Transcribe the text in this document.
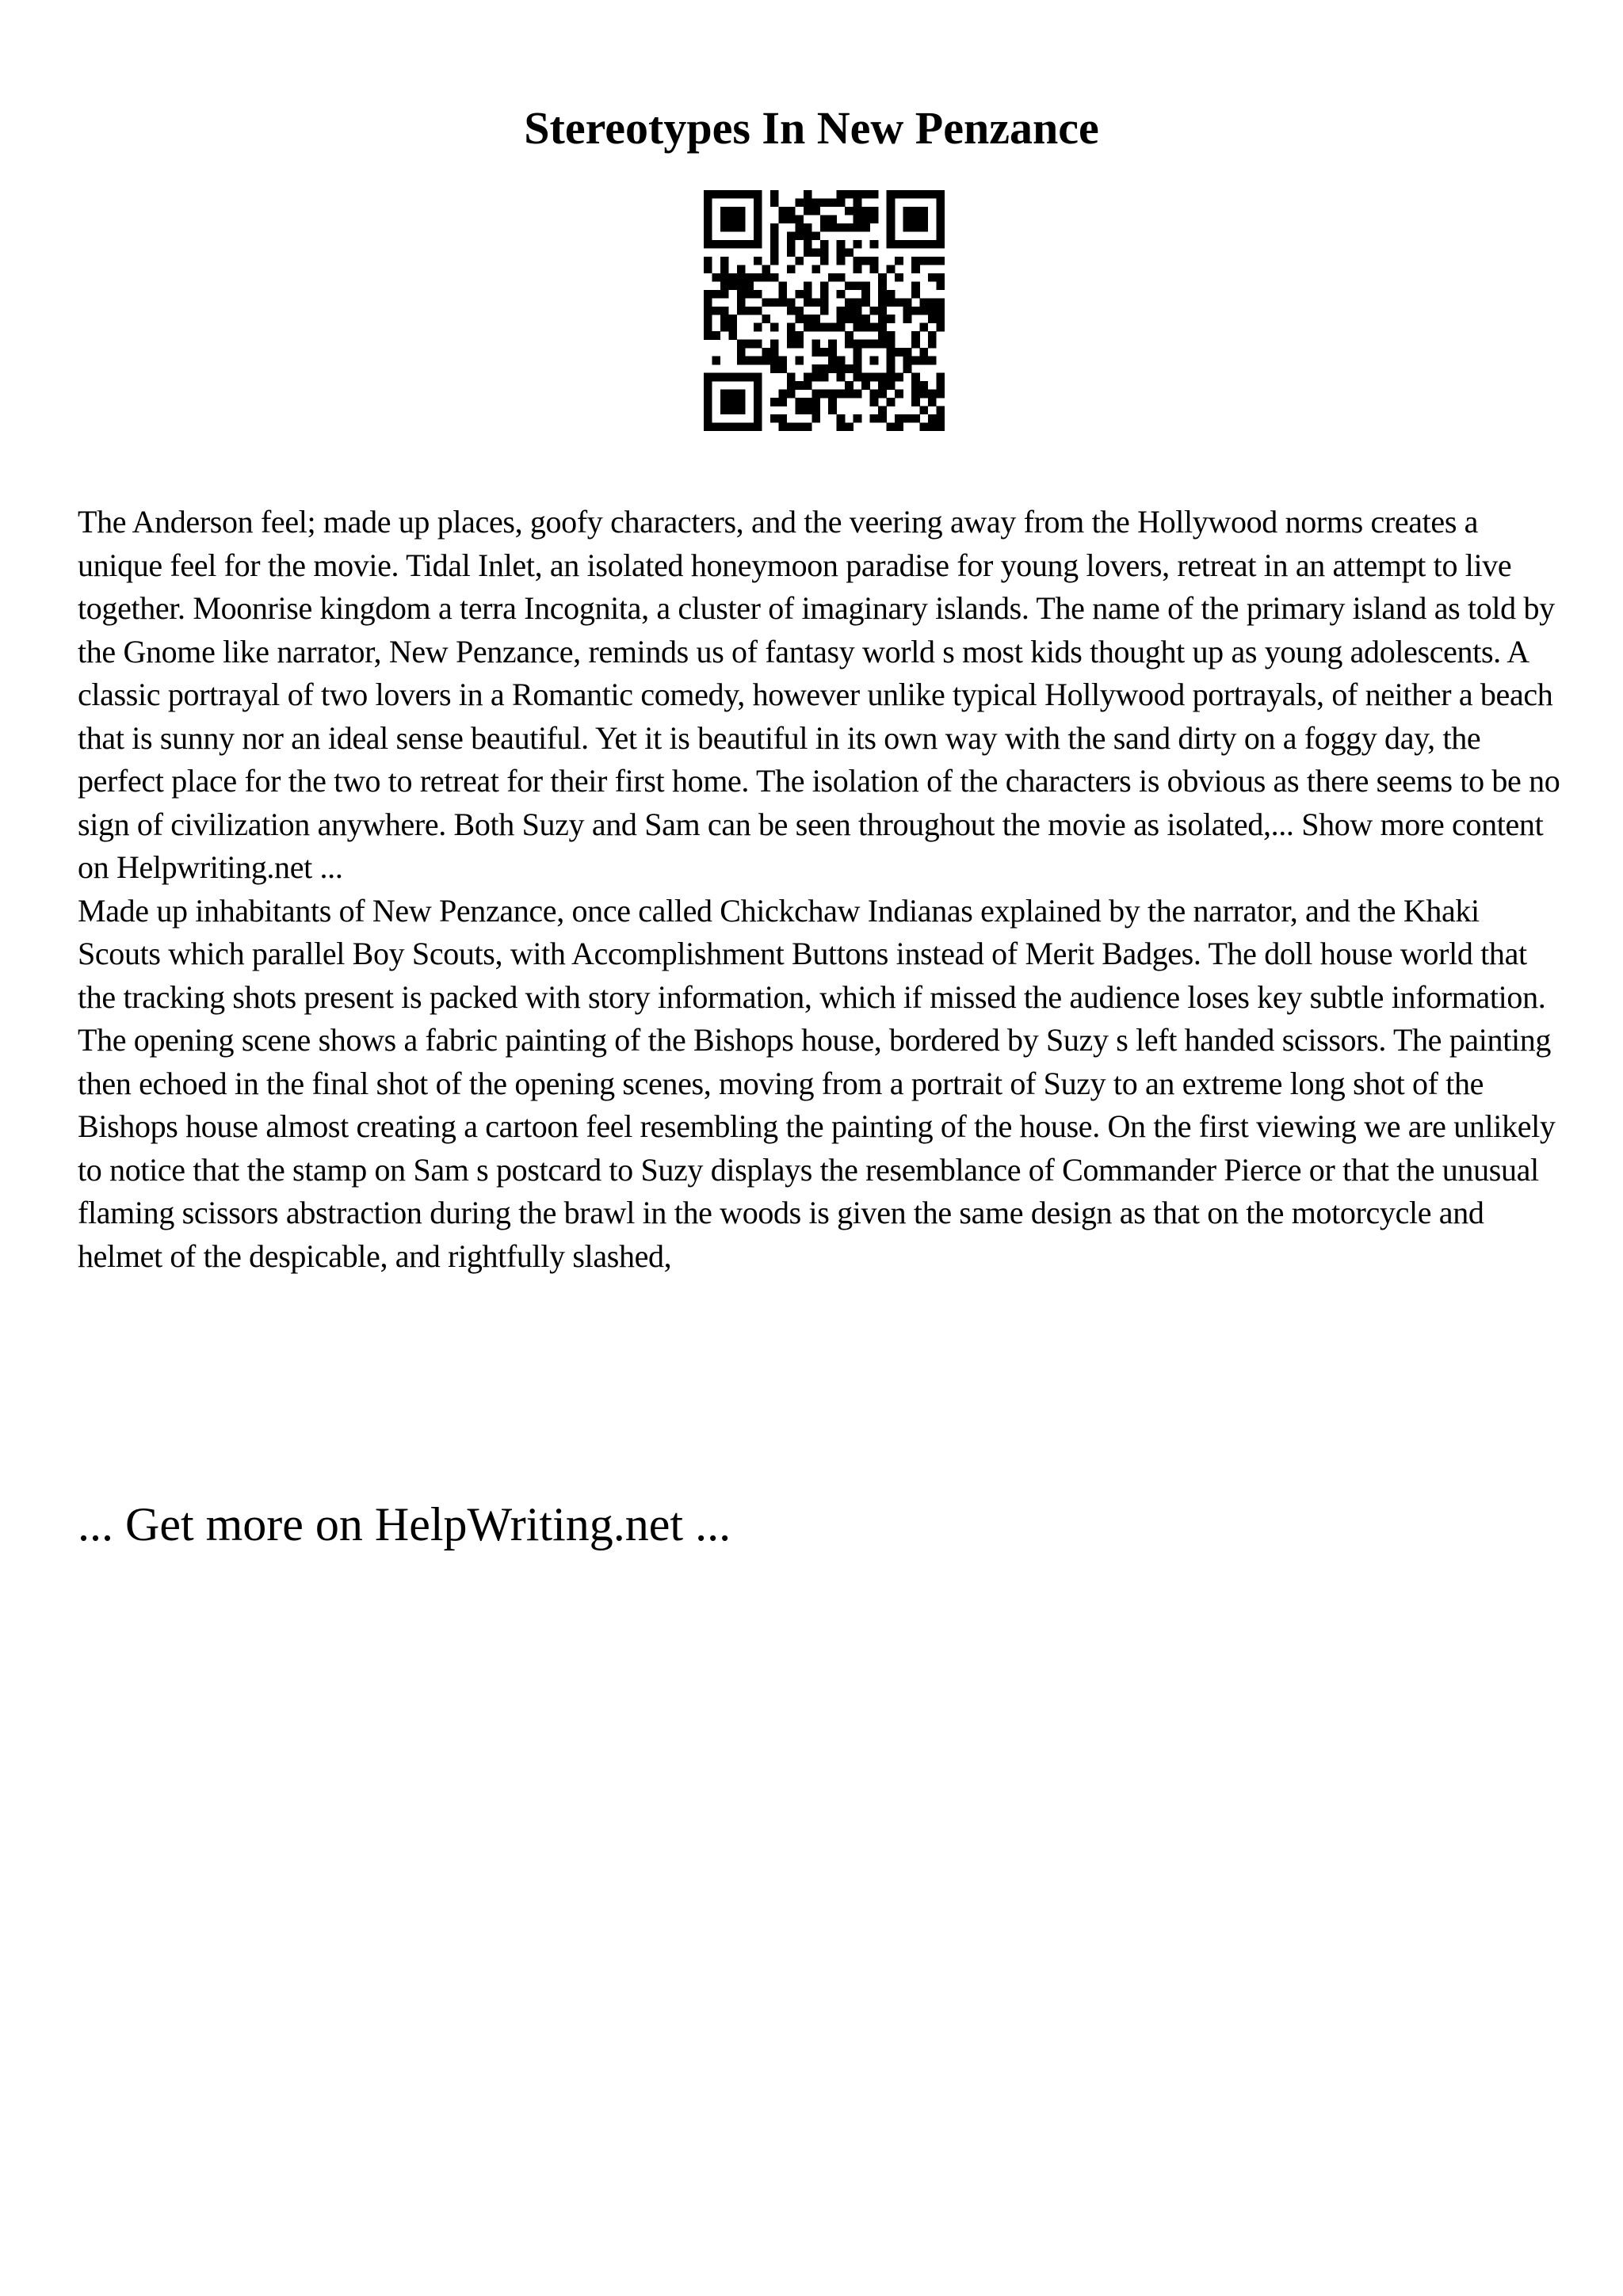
Stereotypes In New Penzance

The Anderson feel; made up places, goofy characters, and the veering away from the Hollywood norms creates a unique feel for the movie. Tidal Inlet, an isolated honeymoon paradise for young lovers, retreat in an attempt to live together. Moonrise kingdom a terra Incognita, a cluster of imaginary islands. The name of the primary island as told by the Gnome like narrator, New Penzance, reminds us of fantasy world s most kids thought up as young adolescents. A classic portrayal of two lovers in a Romantic comedy, however unlike typical Hollywood portrayals, of neither a beach that is sunny nor an ideal sense beautiful. Yet it is beautiful in its own way with the sand dirty on a foggy day, the perfect place for the two to retreat for their first home. The isolation of the characters is obvious as there seems to be no sign of civilization anywhere. Both Suzy and Sam can be seen throughout the movie as isolated,... Show more content on Helpwriting.net ...

Made up inhabitants of New Penzance, once called Chickchaw Indianas explained by the narrator, and the Khaki Scouts which parallel Boy Scouts, with Accomplishment Buttons instead of Merit Badges. The doll house world that the tracking shots present is packed with story information, which if missed the audience loses key subtle information. The opening scene shows a fabric painting of the Bishops house, bordered by Suzy s left handed scissors. The painting then echoed in the final shot of the opening scenes, moving from a portrait of Suzy to an extreme long shot of the Bishops house almost creating a cartoon feel resembling the painting of the house. On the first viewing we are unlikely to notice that the stamp on Sam s postcard to Suzy displays the resemblance of Commander Pierce or that the unusual flaming scissors abstraction during the brawl in the woods is given the same design as that on the motorcycle and helmet of the despicable, and rightfully slashed,

... Get more on HelpWriting.net ...
